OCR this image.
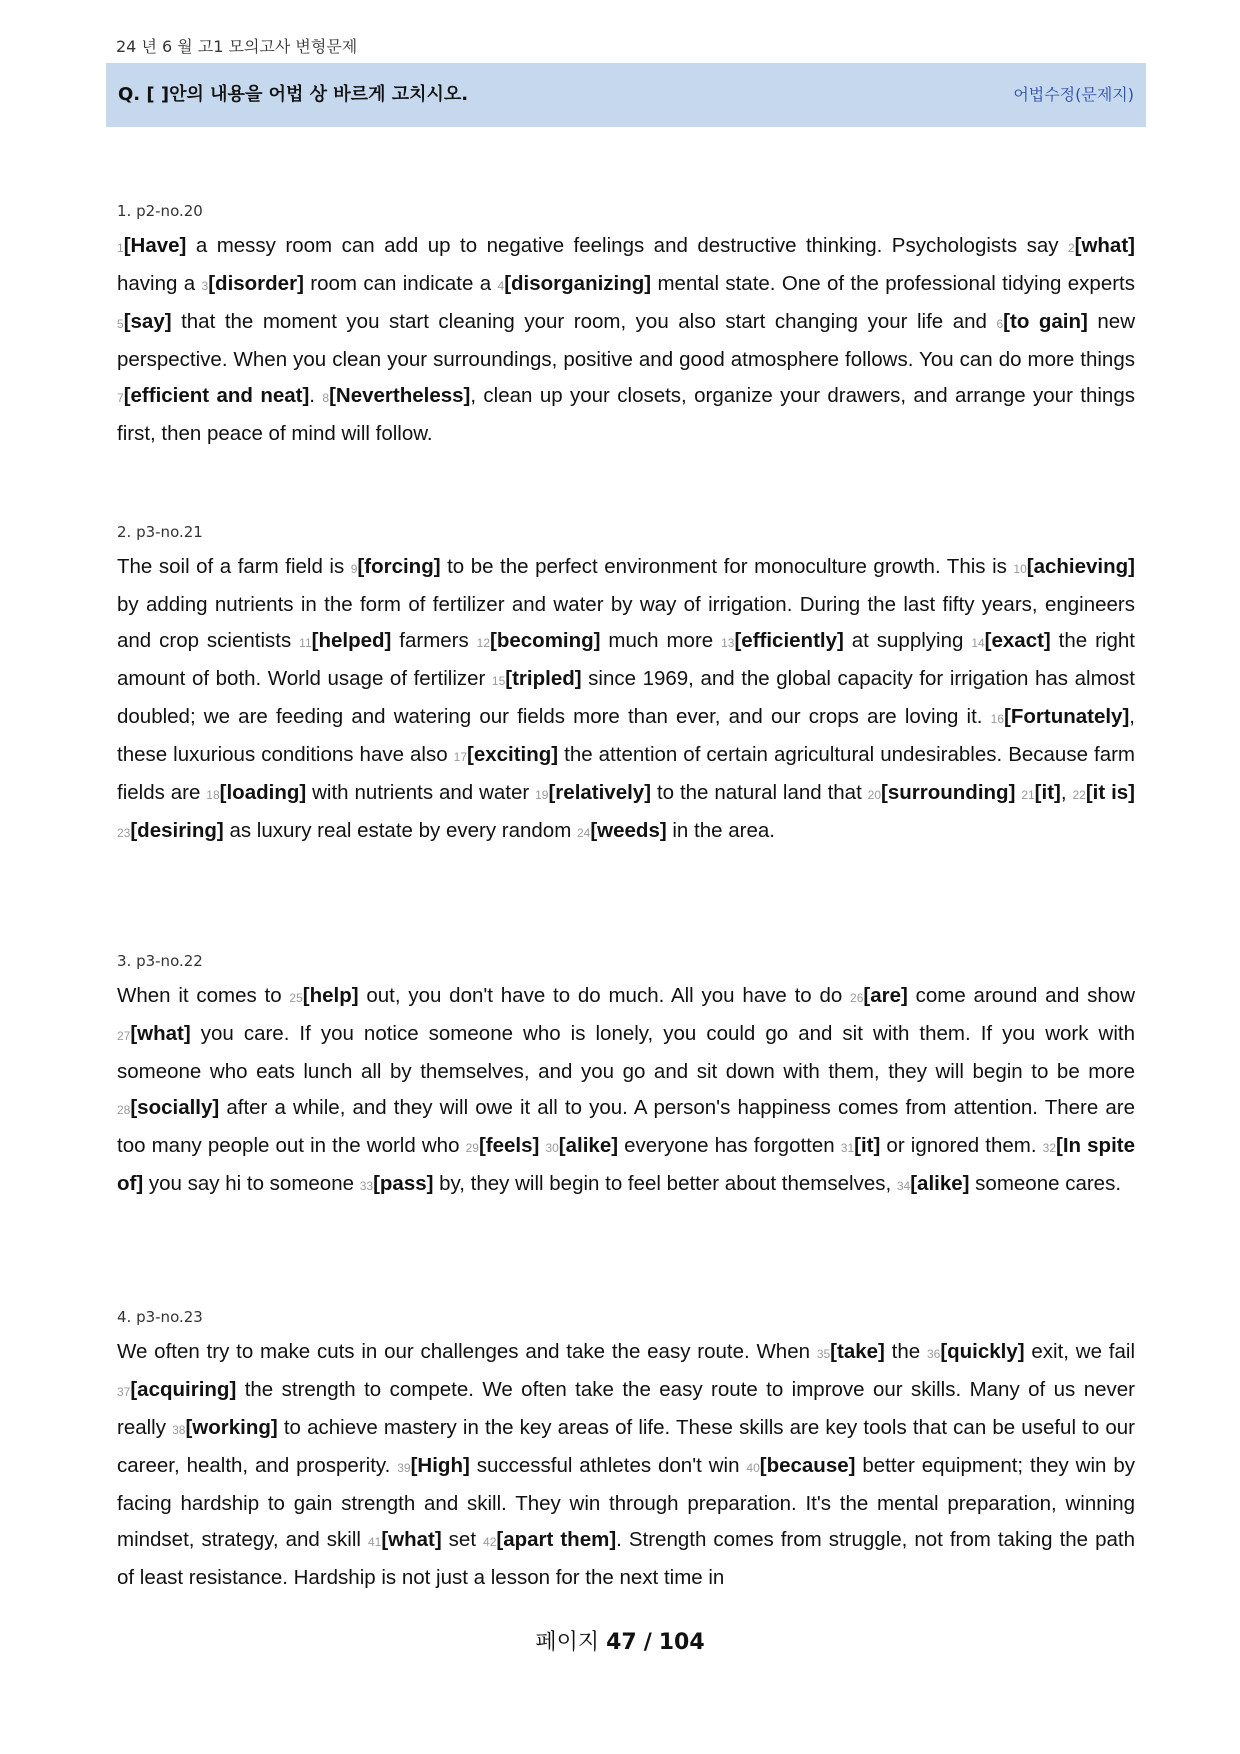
24 년 6 월 고1 모의고사 변형문제
Q. [ ]안의 내용을 어법 상 바르게 고치시오.	어법수정(문제지)
1. p2-no.20

1[Have] a messy room can add up to negative feelings and destructive thinking. Psychologists say 2[what] having a 3[disorder] room can indicate a 4[disorganizing] mental state. One of the professional tidying experts 5[say] that the moment you start cleaning your room, you also start changing your life and 6[to gain] new perspective. When you clean your surroundings, positive and good atmosphere follows. You can do more things 7[efficient and neat]. 8[Nevertheless], clean up your closets, organize your drawers, and arrange your things first, then peace of mind will follow.

2. p3-no.21

The soil of a farm field is 9[forcing] to be the perfect environment for monoculture growth. This is 10[achieving] by adding nutrients in the form of fertilizer and water by way of irrigation. During the last fifty years, engineers and crop scientists 11[helped] farmers 12[becoming] much more 13[efficiently] at supplying 14[exact] the right amount of both. World usage of fertilizer 15[tripled] since 1969, and the global capacity for irrigation has almost doubled; we are feeding and watering our fields more than ever, and our crops are loving it. 16[Fortunately], these luxurious conditions have also 17[exciting] the attention of certain agricultural undesirables. Because farm fields are 18[loading] with nutrients and water 19[relatively] to the natural land that 20[surrounding] 21[it], 22[it is] 23[desiring] as luxury real estate by every random 24[weeds] in the area.

3. p3-no.22

When it comes to 25[help] out, you don't have to do much. All you have to do 26[are] come around and show 27[what] you care. If you notice someone who is lonely, you could go and sit with them. If you work with someone who eats lunch all by themselves, and you go and sit down with them, they will begin to be more 28[socially] after a while, and they will owe it all to you. A person's happiness comes from attention. There are too many people out in the world who 29[feels] 30[alike] everyone has forgotten 31[it] or ignored them. 32[In spite of] you say hi to someone 33[pass] by, they will begin to feel better about themselves, 34[alike] someone cares.

4. p3-no.23

We often try to make cuts in our challenges and take the easy route. When 35[take] the 36[quickly] exit, we fail 37[acquiring] the strength to compete. We often take the easy route to improve our skills. Many of us never really 38[working] to achieve mastery in the key areas of life. These skills are key tools that can be useful to our career, health, and prosperity. 39[High] successful athletes don't win 40[because] better equipment; they win by facing hardship to gain strength and skill. They win through preparation. It's the mental preparation, winning mindset, strategy, and skill 41[what] set 42[apart them]. Strength comes from struggle, not from taking the path of least resistance. Hardship is not just a lesson for the next time in

페이지 47 / 104
